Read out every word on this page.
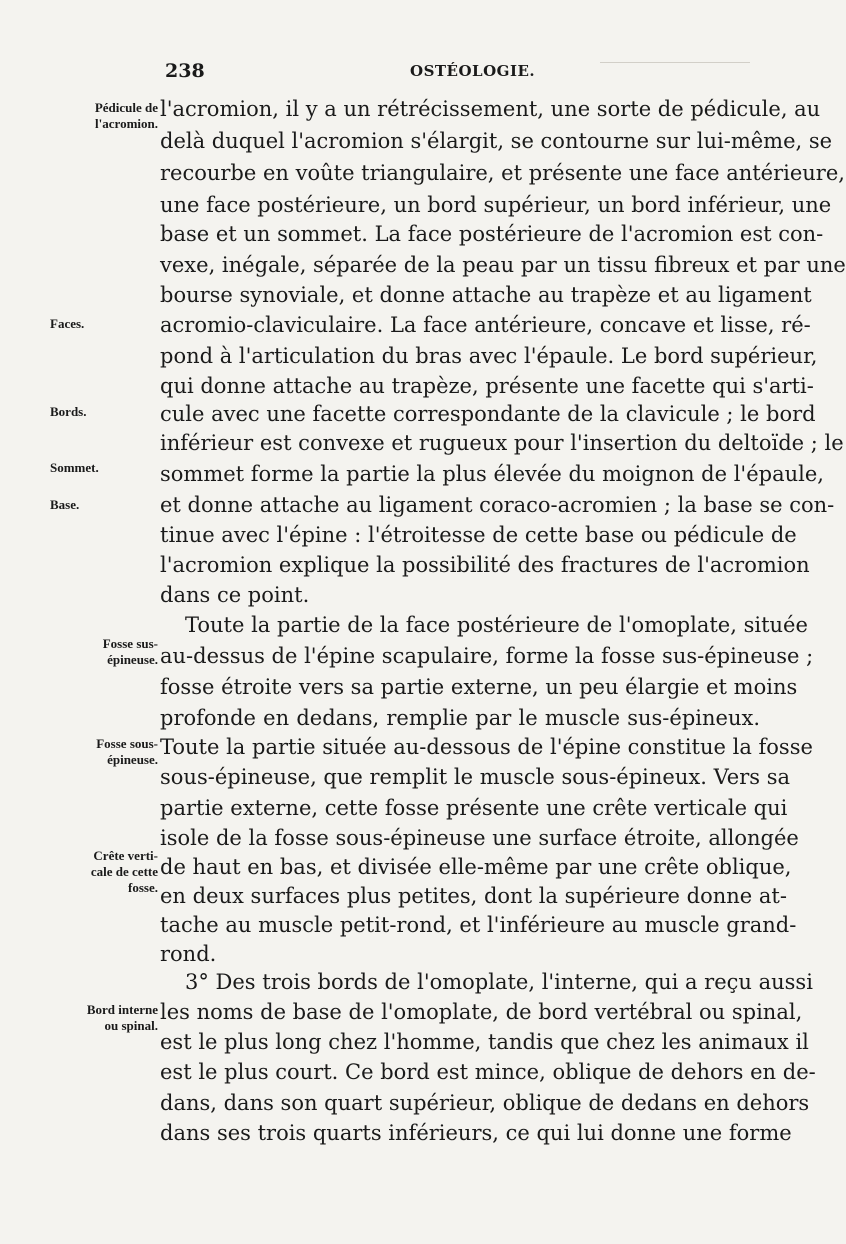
238	OSTÉOLOGIE.
Pédicule de
l'acromion.
Faces.
Bords.
Sommet.
Base.
Fosse sus-
épineuse.
Fosse sous-
épineuse.
Crête verti-
cale de cette
fosse.
Bord interne
ou spinal.
l'acromion, il y a un rétrécissement, une sorte de pédicule, au
delà duquel l'acromion s'élargit, se contourne sur lui-même, se
recourbe en voûte triangulaire, et présente une face antérieure,
une face postérieure, un bord supérieur, un bord inférieur, une
base et un sommet. La face postérieure de l'acromion est con-
vexe, inégale, séparée de la peau par un tissu fibreux et par une
bourse synoviale, et donne attache au trapèze et au ligament
acromio-claviculaire. La face antérieure, concave et lisse, ré-
pond à l'articulation du bras avec l'épaule. Le bord supérieur,
qui donne attache au trapèze, présente une facette qui s'arti-
cule avec une facette correspondante de la clavicule ; le bord
inférieur est convexe et rugueux pour l'insertion du deltoïde ; le
sommet forme la partie la plus élevée du moignon de l'épaule,
et donne attache au ligament coraco-acromien ; la base se con-
tinue avec l'épine : l'étroitesse de cette base ou pédicule de
l'acromion explique la possibilité des fractures de l'acromion
dans ce point.
Toute la partie de la face postérieure de l'omoplate, située
au-dessus de l'épine scapulaire, forme la fosse sus-épineuse ;
fosse étroite vers sa partie externe, un peu élargie et moins
profonde en dedans, remplie par le muscle sus-épineux.
Toute la partie située au-dessous de l'épine constitue la fosse
sous-épineuse, que remplit le muscle sous-épineux. Vers sa
partie externe, cette fosse présente une crête verticale qui
isole de la fosse sous-épineuse une surface étroite, allongée
de haut en bas, et divisée elle-même par une crête oblique,
en deux surfaces plus petites, dont la supérieure donne at-
tache au muscle petit-rond, et l'inférieure au muscle grand-
rond.
3° Des trois bords de l'omoplate, l'interne, qui a reçu aussi
les noms de base de l'omoplate, de bord vertébral ou spinal,
est le plus long chez l'homme, tandis que chez les animaux il
est le plus court. Ce bord est mince, oblique de dehors en de-
dans, dans son quart supérieur, oblique de dedans en dehors
dans ses trois quarts inférieurs, ce qui lui donne une forme
